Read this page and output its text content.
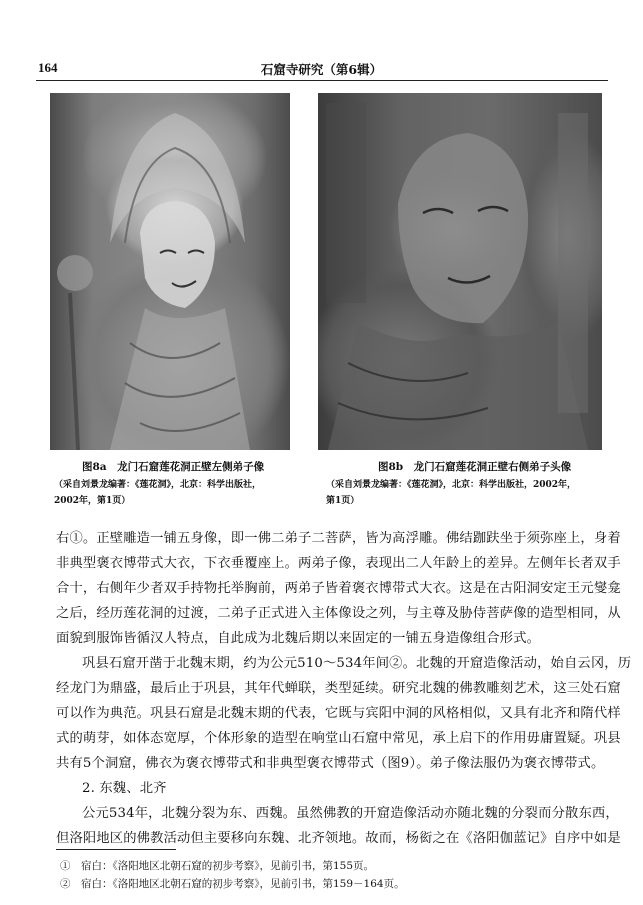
164	石窟寺研究（第6辑）
图8a　龙门石窟莲花洞正壁左侧弟子像
（采自刘景龙编著：《莲花洞》，北京：科学出版社，
2002年，第1页）
图8b　龙门石窟莲花洞正壁右侧弟子头像
（采自刘景龙编著：《莲花洞》，北京：科学出版社，2002年，
第1页）
右①。正壁雕造一铺五身像，即一佛二弟子二菩萨，皆为高浮雕。佛结跏趺坐于须弥座上，身着
非典型褒衣博带式大衣，下衣垂覆座上。两弟子像，表现出二人年龄上的差异。左侧年长者双手
合十，右侧年少者双手持物托举胸前，两弟子皆着褒衣博带式大衣。这是在古阳洞安定王元燮龛
之后，经历莲花洞的过渡，二弟子正式进入主体像设之列，与主尊及胁侍菩萨像的造型相同，从
面貌到服饰皆循汉人特点，自此成为北魏后期以来固定的一铺五身造像组合形式。
巩县石窟开凿于北魏末期，约为公元510～534年间②。北魏的开窟造像活动，始自云冈，历
经龙门为鼎盛，最后止于巩县，其年代蝉联，类型延续。研究北魏的佛教雕刻艺术，这三处石窟
可以作为典范。巩县石窟是北魏末期的代表，它既与宾阳中洞的风格相似，又具有北齐和隋代样
式的萌芽，如体态宽厚，个体形象的造型在响堂山石窟中常见，承上启下的作用毋庸置疑。巩县
共有5个洞窟，佛衣为褒衣博带式和非典型褒衣博带式（图9）。弟子像法服仍为褒衣博带式。
2. 东魏、北齐
公元534年，北魏分裂为东、西魏。虽然佛教的开窟造像活动亦随北魏的分裂而分散东西，
但洛阳地区的佛教活动但主要移向东魏、北齐领地。故而，杨衒之在《洛阳伽蓝记》自序中如是
①　 宿白：《洛阳地区北朝石窟的初步考察》，见前引书，第155页。
②　 宿白：《洛阳地区北朝石窟的初步考察》，见前引书，第159－164页。
